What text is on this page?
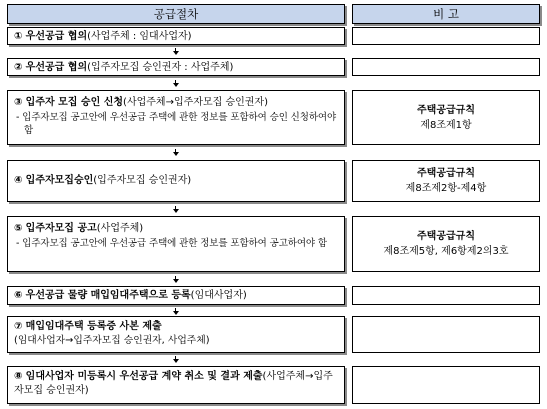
공급절차	비 고
① 우선공급 협의(사업주체 : 임대사업자)
② 우선공급 협의(입주자모집 승인권자 : 사업주체)
③ 입주자 모집 승인 신청(사업주체→입주자모집 승인권자)
- 입주자모집 공고안에 우선공급 주택에 관한 정보를 포함하여 승인 신청하여야 함
주택공급규칙
제8조제1항
④ 입주자모집승인(입주자모집 승인권자)
주택공급규칙
제8조제2항-제4항
⑤ 입주자모집 공고(사업주체)
- 입주자모집 공고안에 우선공급 주택에 관한 정보를 포함하여 공고하여야 함
주택공급규칙
제8조제5항, 제6항제2의3호
⑥ 우선공급 물량 매입임대주택으로 등록(임대사업자)
⑦ 매입임대주택 등록증 사본 제출
(임대사업자→입주자모집 승인권자, 사업주체)
⑧ 임대사업자 미등록시 우선공급 계약 취소 및 결과 제출(사업주체→입주자모집 승인권자)
